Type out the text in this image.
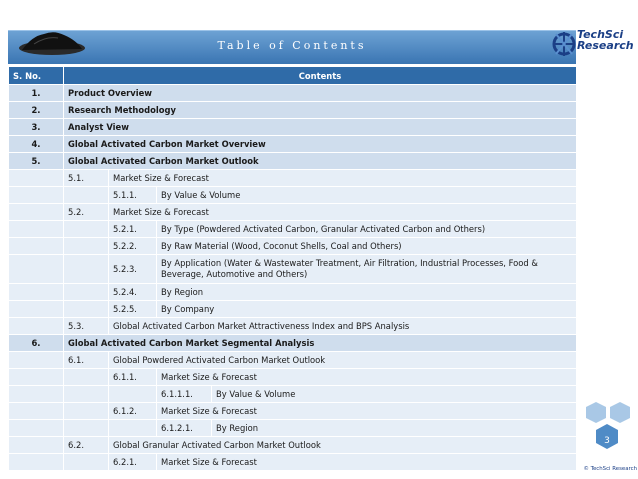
Table of Contents
TechSci
Research
S. No.	Contents			
1.	Product Overview			
2.	Research Methodology			
3.	Analyst View			
4.	Global Activated Carbon Market Overview			
5.	Global Activated Carbon Market Outlook			
	5.1.	Market Size & Forecast		
		5.1.1.	By Value & Volume	
	5.2.	Market Size & Forecast		
		5.2.1.	By Type (Powdered Activated Carbon, Granular Activated Carbon and Others)	
		5.2.2.	By Raw Material (Wood, Coconut Shells, Coal and Others)	
		5.2.3.	By Application (Water & Wastewater Treatment, Air Filtration, Industrial Processes, Food & Beverage, Automotive and Others)	
		5.2.4.	By Region	
		5.2.5.	By Company	
	5.3.	Global Activated Carbon Market Attractiveness Index and BPS Analysis		
6.	Global Activated Carbon Market Segmental Analysis			
	6.1.	Global Powdered Activated Carbon Market Outlook		
		6.1.1.	Market Size & Forecast	
			6.1.1.1.	By Value & Volume
		6.1.2.	Market Size & Forecast	
			6.1.2.1.	By Region
	6.2.	Global Granular Activated Carbon Market Outlook		
		6.2.1.	Market Size & Forecast	
3
© TechSci Research
